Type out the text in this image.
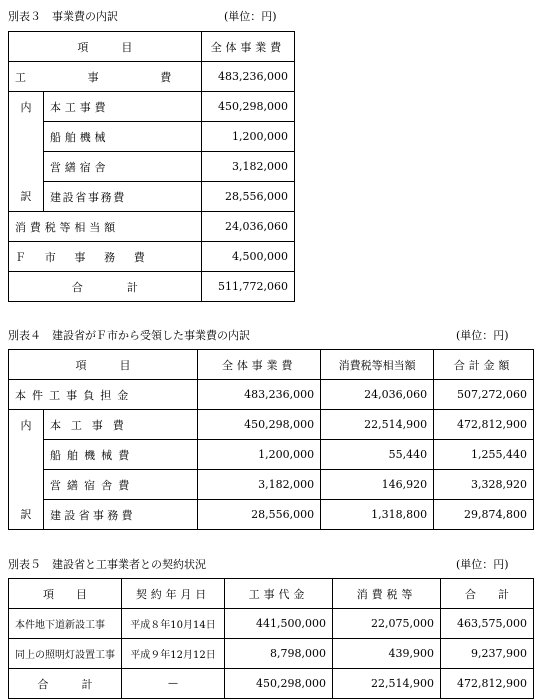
別表３　事業費の内訳	(単位：円)
項　　　目		全体事業費
工　　事　　費		483,236,000
内	本工事費	450,298,000
	船舶機械	1,200,000
	営繕宿舎	3,182,000
訳	建設省事務費	28,556,000
消費税等相当額		24,036,060
Ｆ　市　事　務　費		4,500,000
合　　　　計		511,772,060
別表４　建設省がＦ市から受領した事業費の内訳	(単位：円)
項　　　目		全体事業費	消費税等相当額	合計金額
本件工事負担金		483,236,000	24,036,060	507,272,060
内	本工事費	450,298,000	22,514,900	472,812,900
	船舶機械費	1,200,000	55,440	1,255,440
	営繕宿舎費	3,182,000	146,920	3,328,920
訳	建設省事務費	28,556,000	1,318,800	29,874,800
別表５　建設省と工事業者との契約状況	(単位：円)
項　　目	契約年月日	工事代金	消費税等	合　　計
本件地下道新設工事	平成８年10月14日	441,500,000	22,075,000	463,575,000
同上の照明灯設置工事	平成９年12月12日	8,798,000	439,900	9,237,900
合　　　計	—	450,298,000	22,514,900	472,812,900
